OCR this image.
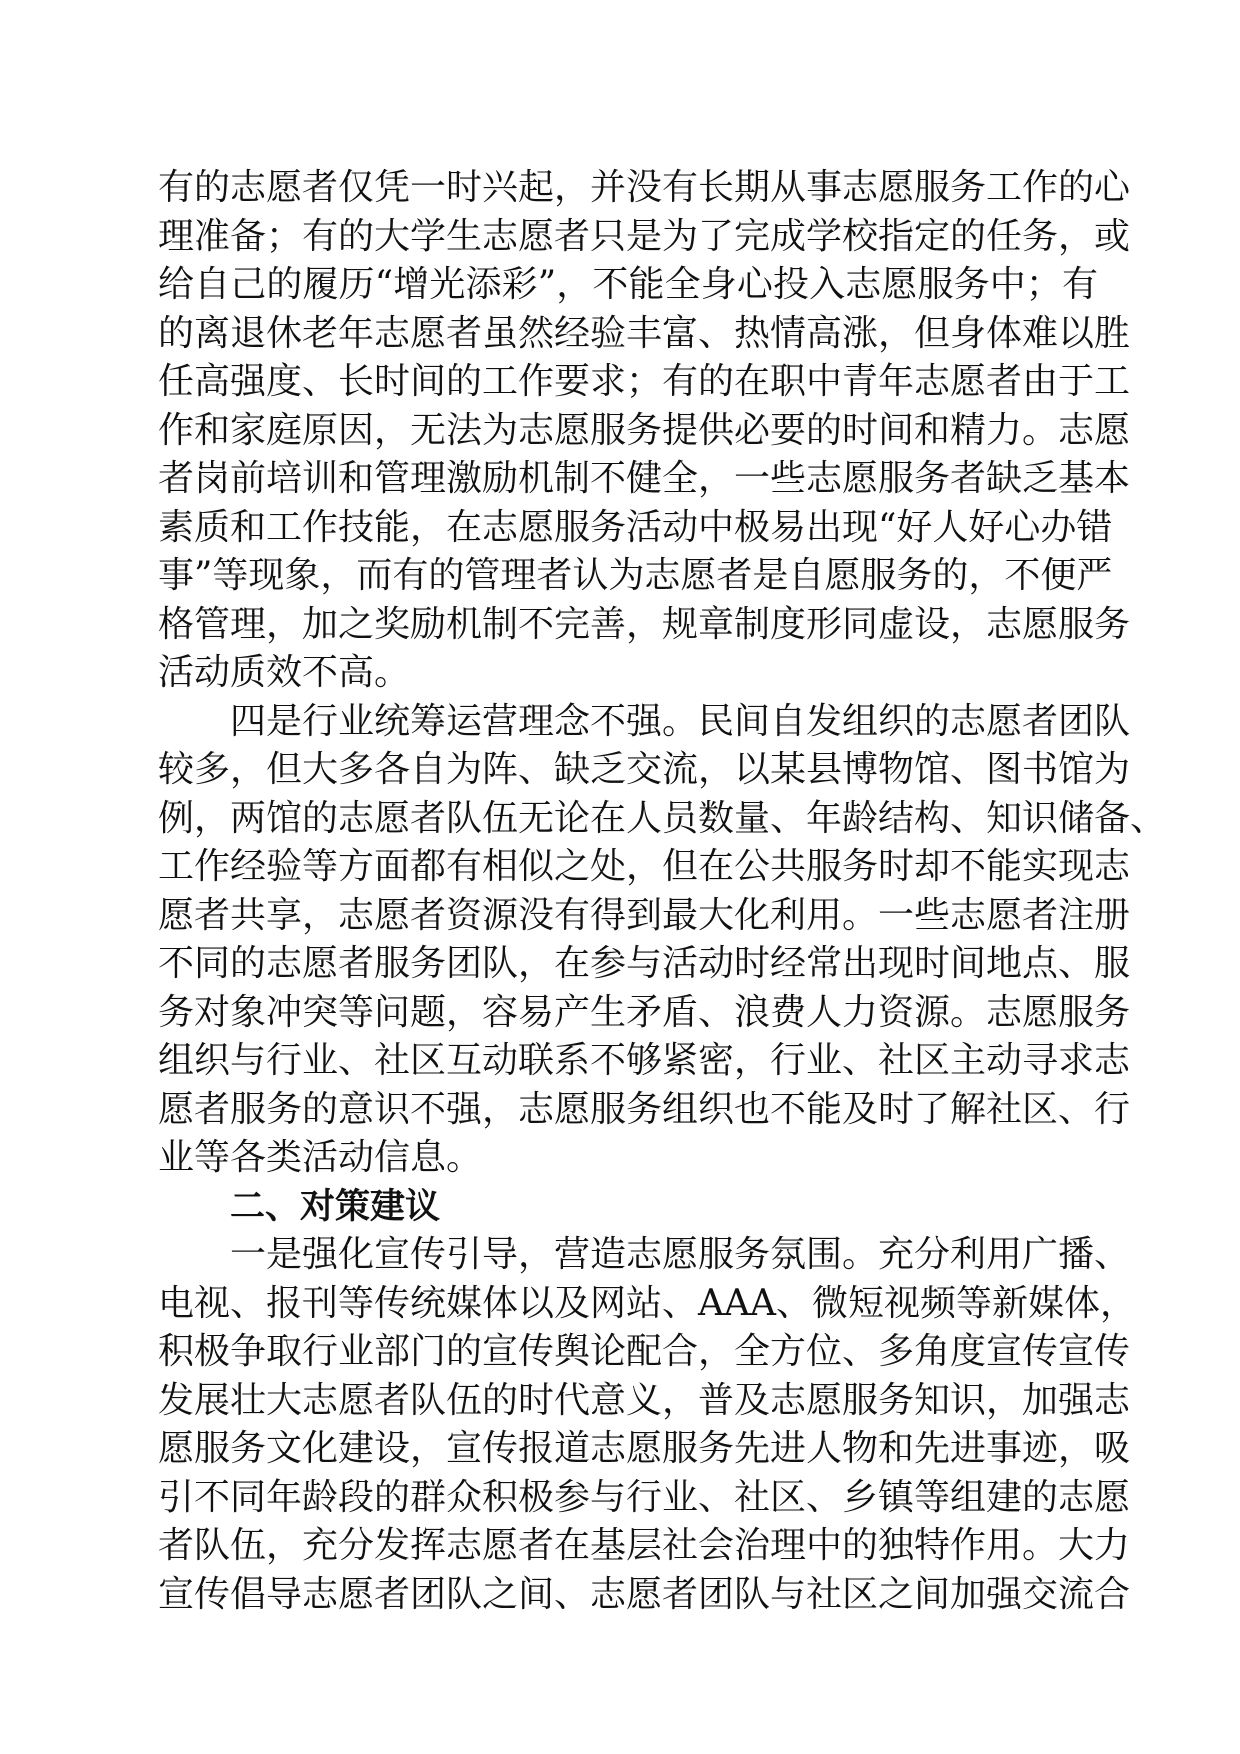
有的志愿者仅凭一时兴起，并没有长期从事志愿服务工作的心
理准备；有的大学生志愿者只是为了完成学校指定的任务，或
给自己的履历“增光添彩”，不能全身心投入志愿服务中；有
的离退休老年志愿者虽然经验丰富、热情高涨，但身体难以胜
任高强度、长时间的工作要求；有的在职中青年志愿者由于工
作和家庭原因，无法为志愿服务提供必要的时间和精力。志愿
者岗前培训和管理激励机制不健全，一些志愿服务者缺乏基本
素质和工作技能，在志愿服务活动中极易出现“好人好心办错
事”等现象，而有的管理者认为志愿者是自愿服务的，不便严
格管理，加之奖励机制不完善，规章制度形同虚设，志愿服务
活动质效不高。
四是行业统筹运营理念不强。民间自发组织的志愿者团队
较多，但大多各自为阵、缺乏交流，以某县博物馆、图书馆为
例，两馆的志愿者队伍无论在人员数量、年龄结构、知识储备、
工作经验等方面都有相似之处，但在公共服务时却不能实现志
愿者共享，志愿者资源没有得到最大化利用。一些志愿者注册
不同的志愿者服务团队，在参与活动时经常出现时间地点、服
务对象冲突等问题，容易产生矛盾、浪费人力资源。志愿服务
组织与行业、社区互动联系不够紧密，行业、社区主动寻求志
愿者服务的意识不强，志愿服务组织也不能及时了解社区、行
业等各类活动信息。
二、对策建议
一是强化宣传引导，营造志愿服务氛围。充分利用广播、
电视、报刊等传统媒体以及网站、AAA、微短视频等新媒体，
积极争取行业部门的宣传舆论配合，全方位、多角度宣传宣传
发展壮大志愿者队伍的时代意义，普及志愿服务知识，加强志
愿服务文化建设，宣传报道志愿服务先进人物和先进事迹，吸
引不同年龄段的群众积极参与行业、社区、乡镇等组建的志愿
者队伍，充分发挥志愿者在基层社会治理中的独特作用。大力
宣传倡导志愿者团队之间、志愿者团队与社区之间加强交流合
